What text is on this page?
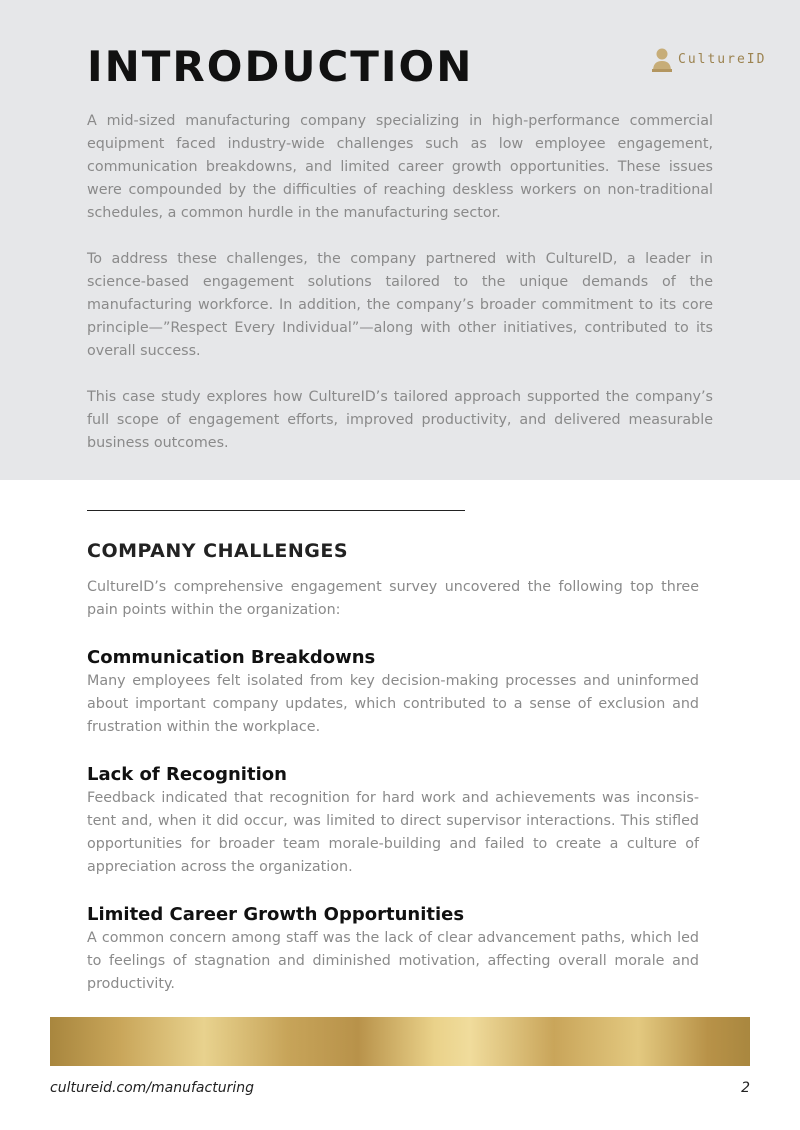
INTRODUCTION	CultureID

A mid-sized manufacturing company specializing in high-performance commercial equipment faced industry-wide challenges such as low employee engagement, communication breakdowns, and limited career growth opportunities. These issues were compounded by the difficulties of reaching deskless workers on non-traditional schedules, a common hurdle in the manufacturing sector.

To address these challenges, the company partnered with CultureID, a leader in science-based engagement solutions tailored to the unique demands of the manufacturing workforce. In addition, the company’s broader commitment to its core principle—”Respect Every Individual”—along with other initiatives, contributed to its overall success.

This case study explores how CultureID’s tailored approach supported the company’s full scope of engagement efforts, improved productivity, and delivered measurable business outcomes.

COMPANY CHALLENGES

CultureID’s comprehensive engagement survey uncovered the following top three pain points within the organization:

Communication Breakdowns

Many employees felt isolated from key decision-making processes and uninformed about important company updates, which contributed to a sense of exclusion and frustration within the workplace.

Lack of Recognition

Feedback indicated that recognition for hard work and achievements was inconsis- tent and, when it did occur, was limited to direct supervisor interactions. This stifled opportunities for broader team morale-building and failed to create a culture of appreciation across the organization.

Limited Career Growth Opportunities

A common concern among staff was the lack of clear advancement paths, which led to feelings of stagnation and diminished motivation, affecting overall morale and productivity.

cultureid.com/manufacturing	2
